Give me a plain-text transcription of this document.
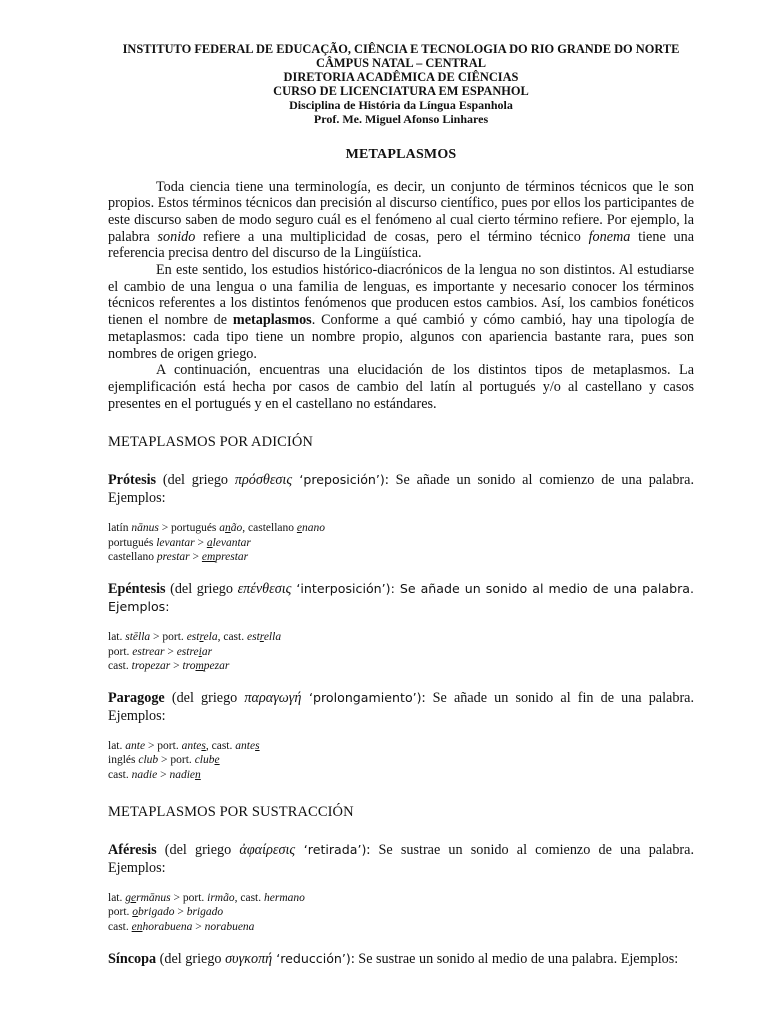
INSTITUTO FEDERAL DE EDUCAÇÃO, CIÊNCIA E TECNOLOGIA DO RIO GRANDE DO NORTE
CÂMPUS NATAL – CENTRAL
DIRETORIA ACADÊMICA DE CIÊNCIAS
CURSO DE LICENCIATURA EM ESPANHOL
Disciplina de História da Língua Espanhola
Prof. Me. Miguel Afonso Linhares
METAPLASMOS
Toda ciencia tiene una terminología, es decir, un conjunto de términos técnicos que le son propios. Estos términos técnicos dan precisión al discurso científico, pues por ellos los participantes de este discurso saben de modo seguro cuál es el fenómeno al cual cierto término refiere. Por ejemplo, la palabra sonido refiere a una multiplicidad de cosas, pero el término técnico fonema tiene una referencia precisa dentro del discurso de la Lingüística.
En este sentido, los estudios histórico-diacrónicos de la lengua no son distintos. Al estudiarse el cambio de una lengua o una familia de lenguas, es importante y necesario conocer los términos técnicos referentes a los distintos fenómenos que producen estos cambios. Así, los cambios fonéticos tienen el nombre de metaplasmos. Conforme a qué cambió y cómo cambió, hay una tipología de metaplasmos: cada tipo tiene un nombre propio, algunos con apariencia bastante rara, pues son nombres de origen griego.
A continuación, encuentras una elucidación de los distintos tipos de metaplasmos. La ejemplificación está hecha por casos de cambio del latín al portugués y/o al castellano y casos presentes en el portugués y en el castellano no estándares.
METAPLASMOS POR ADICIÓN
Prótesis (del griego πρόσθεσις ‘preposición’): Se añade un sonido al comienzo de una palabra. Ejemplos:
latín nānus > portugués anão, castellano enano
portugués levantar > alevantar
castellano prestar > emprestar
Epéntesis (del griego επένθεσις ‘interposición’): Se añade un sonido al medio de una palabra. Ejemplos:
lat. stēlla > port. estrela, cast. estrella
port. estrear > estreiar
cast. tropezar > trompezar
Paragoge (del griego παραγωγή ‘prolongamiento’): Se añade un sonido al fin de una palabra. Ejemplos:
lat. ante > port. antes, cast. antes
inglés club > port. clube
cast. nadie > nadien
METAPLASMOS POR SUSTRACCIÓN
Aféresis (del griego ἀφαίρεσις ‘retirada’): Se sustrae un sonido al comienzo de una palabra. Ejemplos:
lat. germānus > port. irmão, cast. hermano
port. obrigado > brigado
cast. enhorabuena > norabuena
Síncopa (del griego συγκοπή ‘reducción’): Se sustrae un sonido al medio de una palabra. Ejemplos:
